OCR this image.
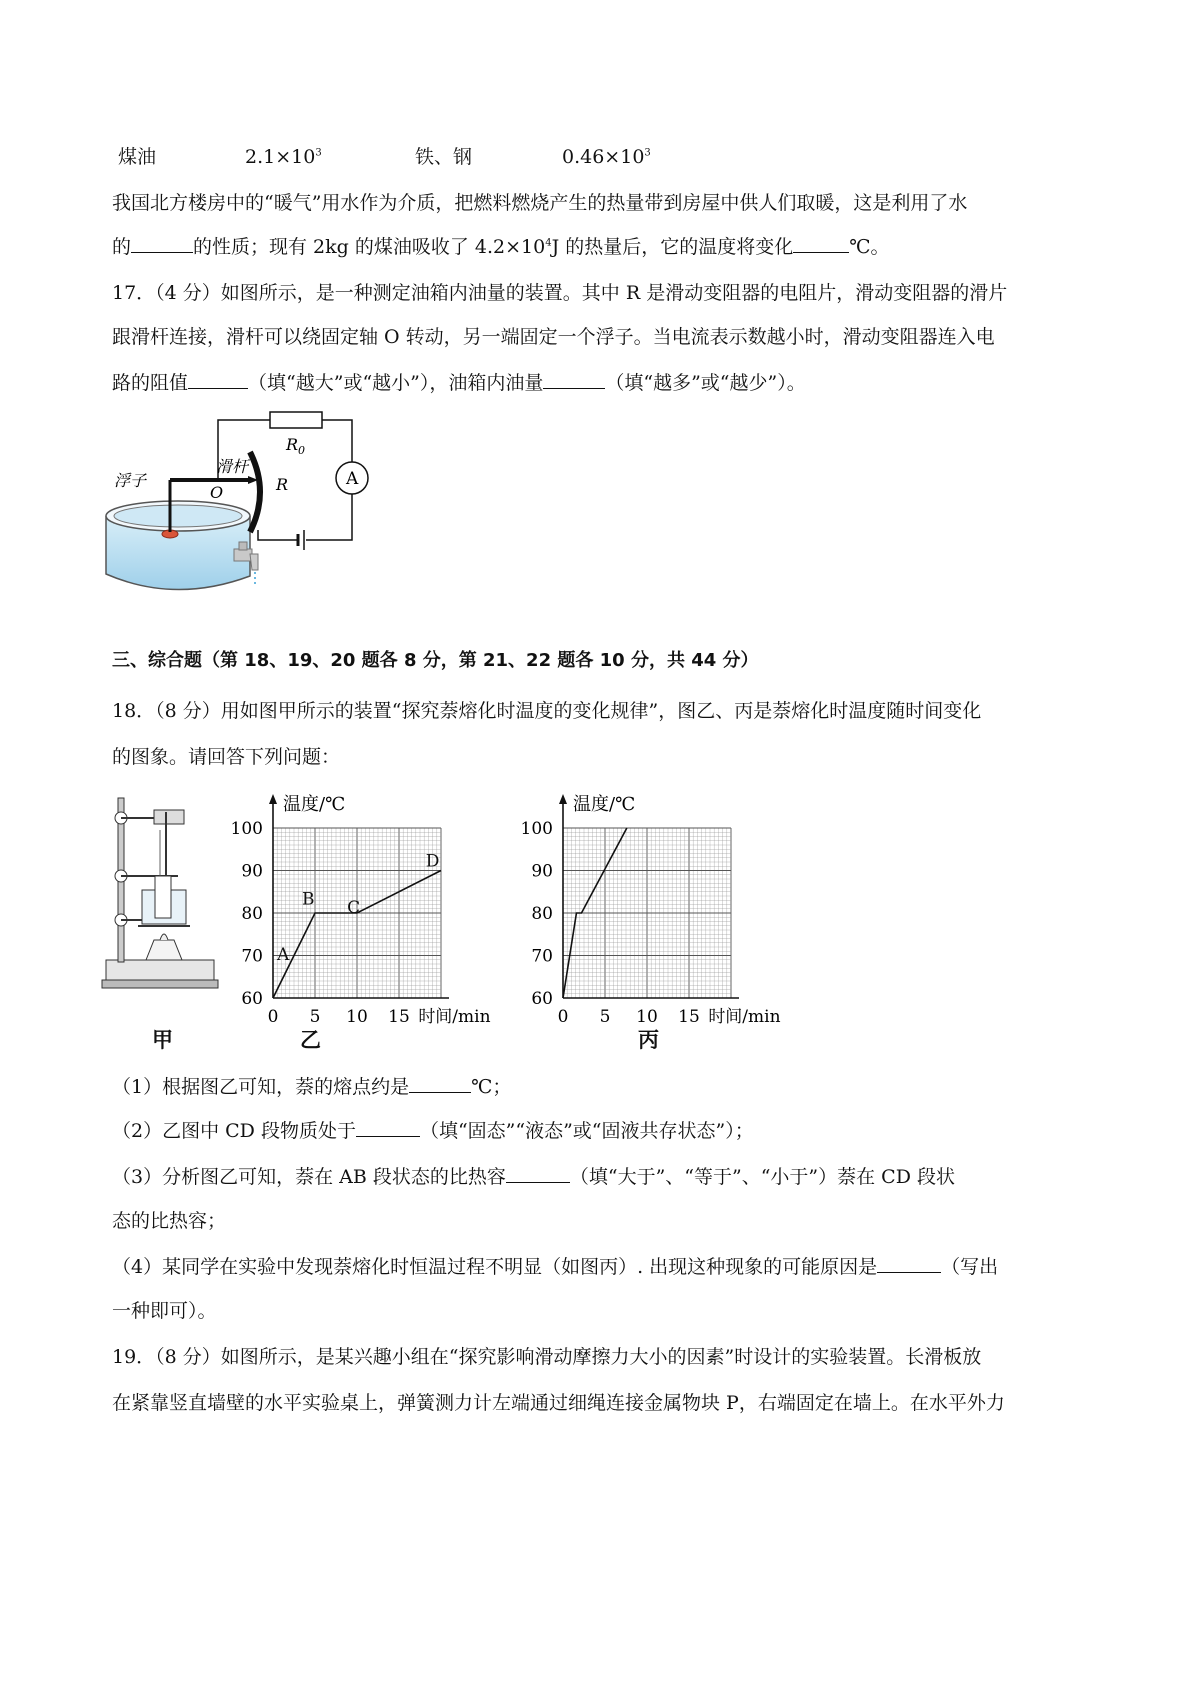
煤油	$2.1\times 10^3$	铁、钢	$0.46\times 10^3$
我国北方楼房中的“暖气”用水作为介质，把燃料燃烧产生的热量带到房屋中供人们取暖，这是利用了水
的	的性质；现有 2kg 的煤油吸收了 $4.2\times 10^4J$ 的热量后，它的温度将变化	℃。
17．（4 分）如图所示，是一种测定油箱内油量的装置。其中 R 是滑动变阻器的电阻片，滑动变阻器的滑片
跟滑杆连接，滑杆可以绕固定轴 O 转动，另一端固定一个浮子。当电流表示数越小时，滑动变阻器连入电
路的阻值	（填“越大”或“越小”），油箱内油量	（填“越多”或“越少”）。
浮子
滑杆
O	R
$R_0$
A
三、综合题（第 18、19、20 题各 8 分，第 21、22 题各 10 分，共 44 分）
18．（8 分）用如图甲所示的装置“探究萘熔化时温度的变化规律”，图乙、丙是萘熔化时温度随时间变化
的图象。请回答下列问题：
甲
60
70
80
90
100
0 5 10 15
温度/℃
时间/min
A
B C
D
乙
60
70
80
90
100
0 5 10 15
温度/℃
时间/min
丙
（1）根据图乙可知，萘的熔点约是	℃；
（2）乙图中 CD 段物质处于	（填“固态”“液态”或“固液共存状态”）；
（3）分析图乙可知，萘在 AB 段状态的比热容	（填“大于”、“等于”、“小于”）萘在 CD 段状
态的比热容；
（4）某同学在实验中发现萘熔化时恒温过程不明显（如图丙）. 出现这种现象的可能原因是	（写出
一种即可）。
19．（8 分）如图所示，是某兴趣小组在“探究影响滑动摩擦力大小的因素”时设计的实验装置。长滑板放
在紧靠竖直墙壁的水平实验桌上，弹簧测力计左端通过细绳连接金属物块 P，右端固定在墙上。在水平外力
